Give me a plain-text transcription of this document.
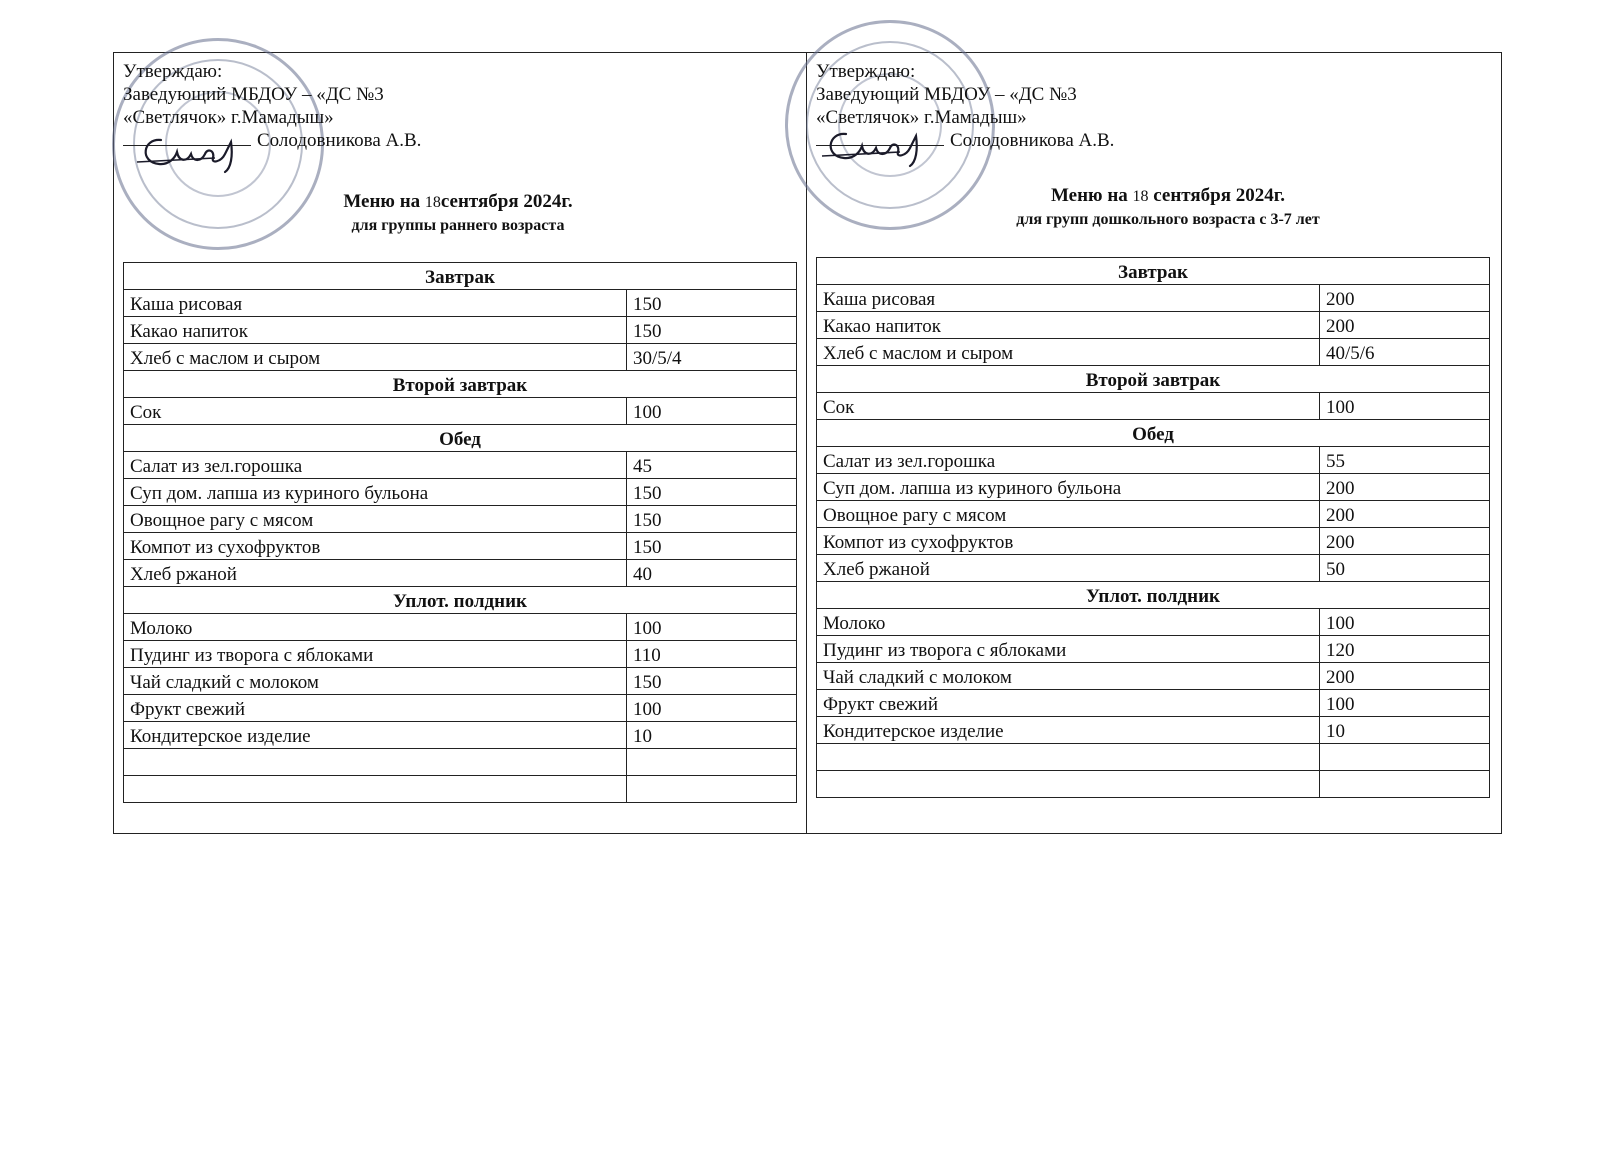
Утверждаю:
Заведующий МБДОУ – «ДС №3
«Светлячок» г.Мамадыш»
Солодовникова А.В.
Меню на 18сентября 2024г.
для группы раннего возраста
Завтрак	
Каша рисовая	150
Какао напиток	150
Хлеб с маслом и сыром	30/5/4
Второй завтрак	
Сок	100
Обед	
Салат из зел.горошка	45
Суп дом. лапша из куриного бульона	150
Овощное рагу с мясом	150
Компот из сухофруктов	150
Хлеб ржаной	40
Уплот. полдник	
Молоко	100
Пудинг из творога с яблоками	110
Чай сладкий с молоком	150
Фрукт свежий	100
Кондитерское изделие	10

Утверждаю:
Заведующий МБДОУ – «ДС №3
«Светлячок» г.Мамадыш»
Солодовникова А.В.
Меню на 18 сентября 2024г.
для групп дошкольного возраста с 3-7 лет
Завтрак	
Каша рисовая	200
Какао напиток	200
Хлеб с маслом и сыром	40/5/6
Второй завтрак	
Сок	100
Обед	
Салат из зел.горошка	55
Суп дом. лапша из куриного бульона	200
Овощное рагу с мясом	200
Компот из сухофруктов	200
Хлеб ржаной	50
Уплот. полдник	
Молоко	100
Пудинг из творога с яблоками	120
Чай сладкий с молоком	200
Фрукт свежий	100
Кондитерское изделие	10
